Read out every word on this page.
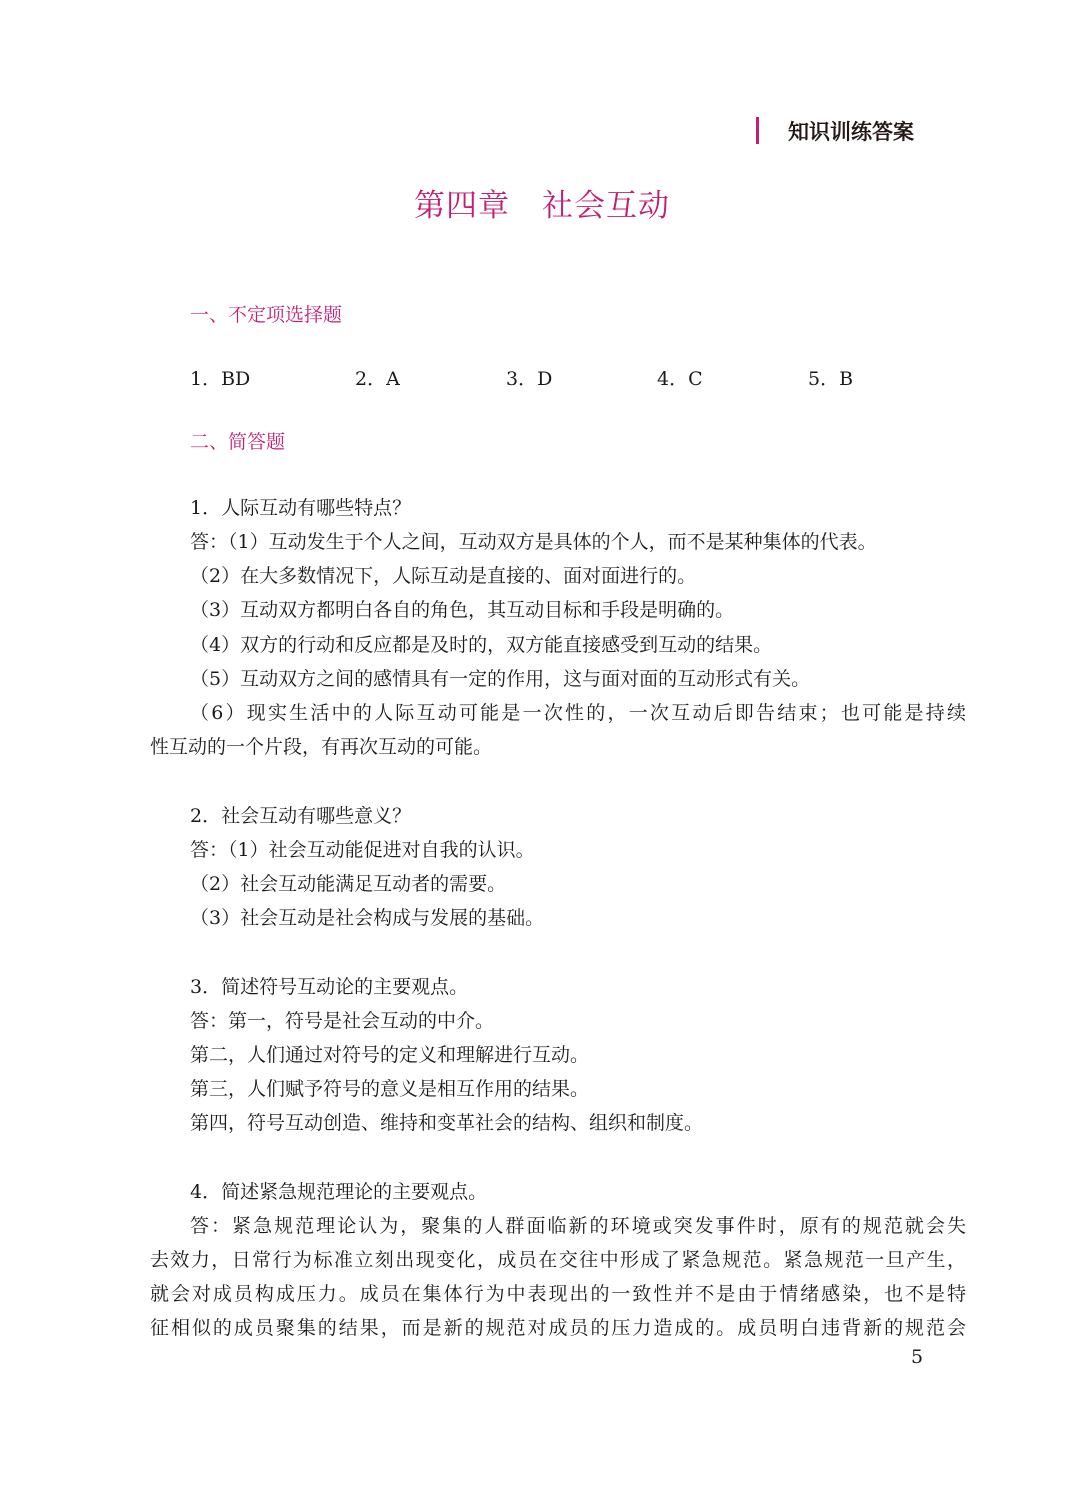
知识训练答案
第四章　社会互动
一、不定项选择题
1．BD	2．A	3．D	4．C	5．B
二、简答题
1．人际互动有哪些特点？
答：（1）互动发生于个人之间，互动双方是具体的个人，而不是某种集体的代表。
（2）在大多数情况下，人际互动是直接的、面对面进行的。
（3）互动双方都明白各自的角色，其互动目标和手段是明确的。
（4）双方的行动和反应都是及时的，双方能直接感受到互动的结果。
（5）互动双方之间的感情具有一定的作用，这与面对面的互动形式有关。
（6）现实生活中的人际互动可能是一次性的，一次互动后即告结束；也可能是持续
性互动的一个片段，有再次互动的可能。
2．社会互动有哪些意义？
答：（1）社会互动能促进对自我的认识。
（2）社会互动能满足互动者的需要。
（3）社会互动是社会构成与发展的基础。
3．简述符号互动论的主要观点。
答：第一，符号是社会互动的中介。
第二，人们通过对符号的定义和理解进行互动。
第三，人们赋予符号的意义是相互作用的结果。
第四，符号互动创造、维持和变革社会的结构、组织和制度。
4．简述紧急规范理论的主要观点。
答：紧急规范理论认为，聚集的人群面临新的环境或突发事件时，原有的规范就会失
去效力，日常行为标准立刻出现变化，成员在交往中形成了紧急规范。紧急规范一旦产生，
就会对成员构成压力。成员在集体行为中表现出的一致性并不是由于情绪感染，也不是特
征相似的成员聚集的结果，而是新的规范对成员的压力造成的。成员明白违背新的规范会
5
